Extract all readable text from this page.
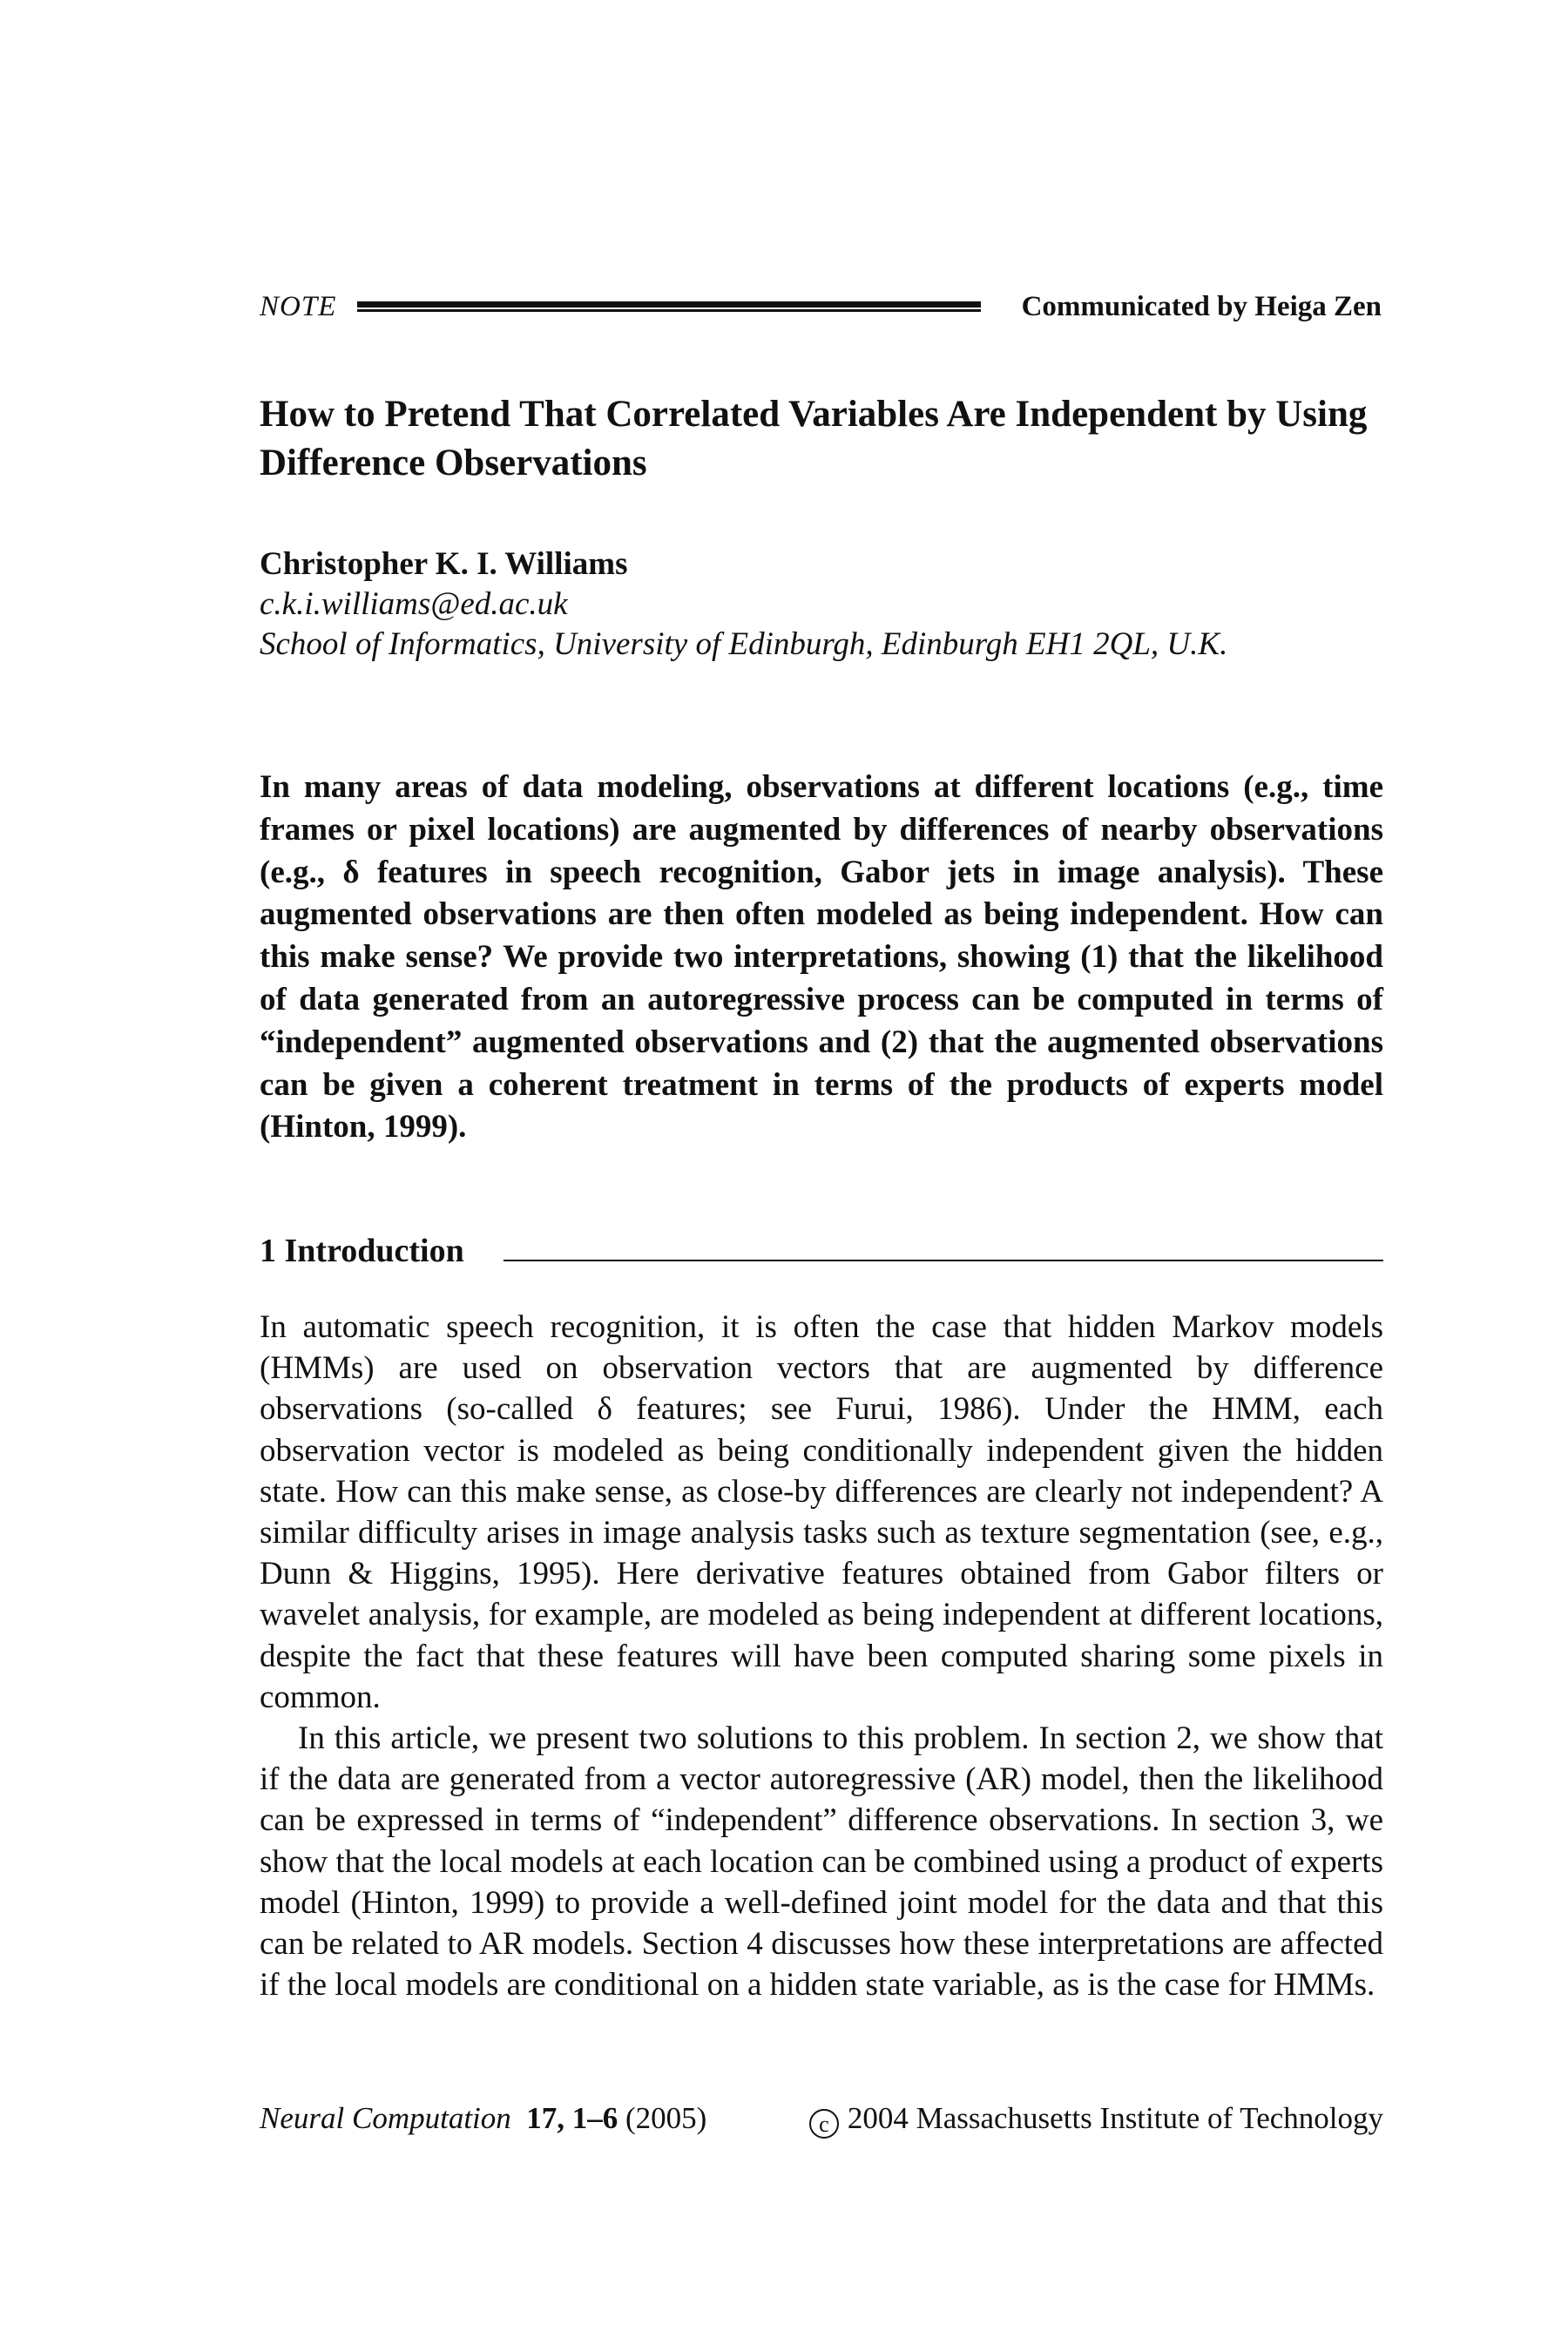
NOTE	Communicated by Heiga Zen
How to Pretend That Correlated Variables Are Independent by Using Difference Observations
Christopher K. I. Williams
c.k.i.williams@ed.ac.uk
School of Informatics, University of Edinburgh, Edinburgh EH1 2QL, U.K.

In many areas of data modeling, observations at different locations (e.g., time frames or pixel locations) are augmented by differences of nearby observations (e.g., δ features in speech recognition, Gabor jets in image analysis). These augmented observations are then often modeled as being independent. How can this make sense? We provide two interpretations, showing (1) that the likelihood of data generated from an autoregressive process can be computed in terms of “independent” augmented observations and (2) that the augmented observations can be given a coherent treatment in terms of the products of experts model (Hinton, 1999).

1 Introduction

In automatic speech recognition, it is often the case that hidden Markov models (HMMs) are used on observation vectors that are augmented by difference observations (so-called δ features; see Furui, 1986). Under the HMM, each observation vector is modeled as being conditionally independent given the hidden state. How can this make sense, as close-by differences are clearly not independent? A similar difficulty arises in image analysis tasks such as texture segmentation (see, e.g., Dunn & Higgins, 1995). Here derivative features obtained from Gabor filters or wavelet analysis, for example, are modeled as being independent at different locations, despite the fact that these features will have been computed sharing some pixels in common.

In this article, we present two solutions to this problem. In section 2, we show that if the data are generated from a vector autoregressive (AR) model, then the likelihood can be expressed in terms of “independent” difference observations. In section 3, we show that the local models at each location can be combined using a product of experts model (Hinton, 1999) to provide a well-defined joint model for the data and that this can be related to AR models. Section 4 discusses how these interpretations are affected if the local models are conditional on a hidden state variable, as is the case for HMMs.

Neural Computation 17, 1–6 (2005)	c 2004 Massachusetts Institute of Technology
